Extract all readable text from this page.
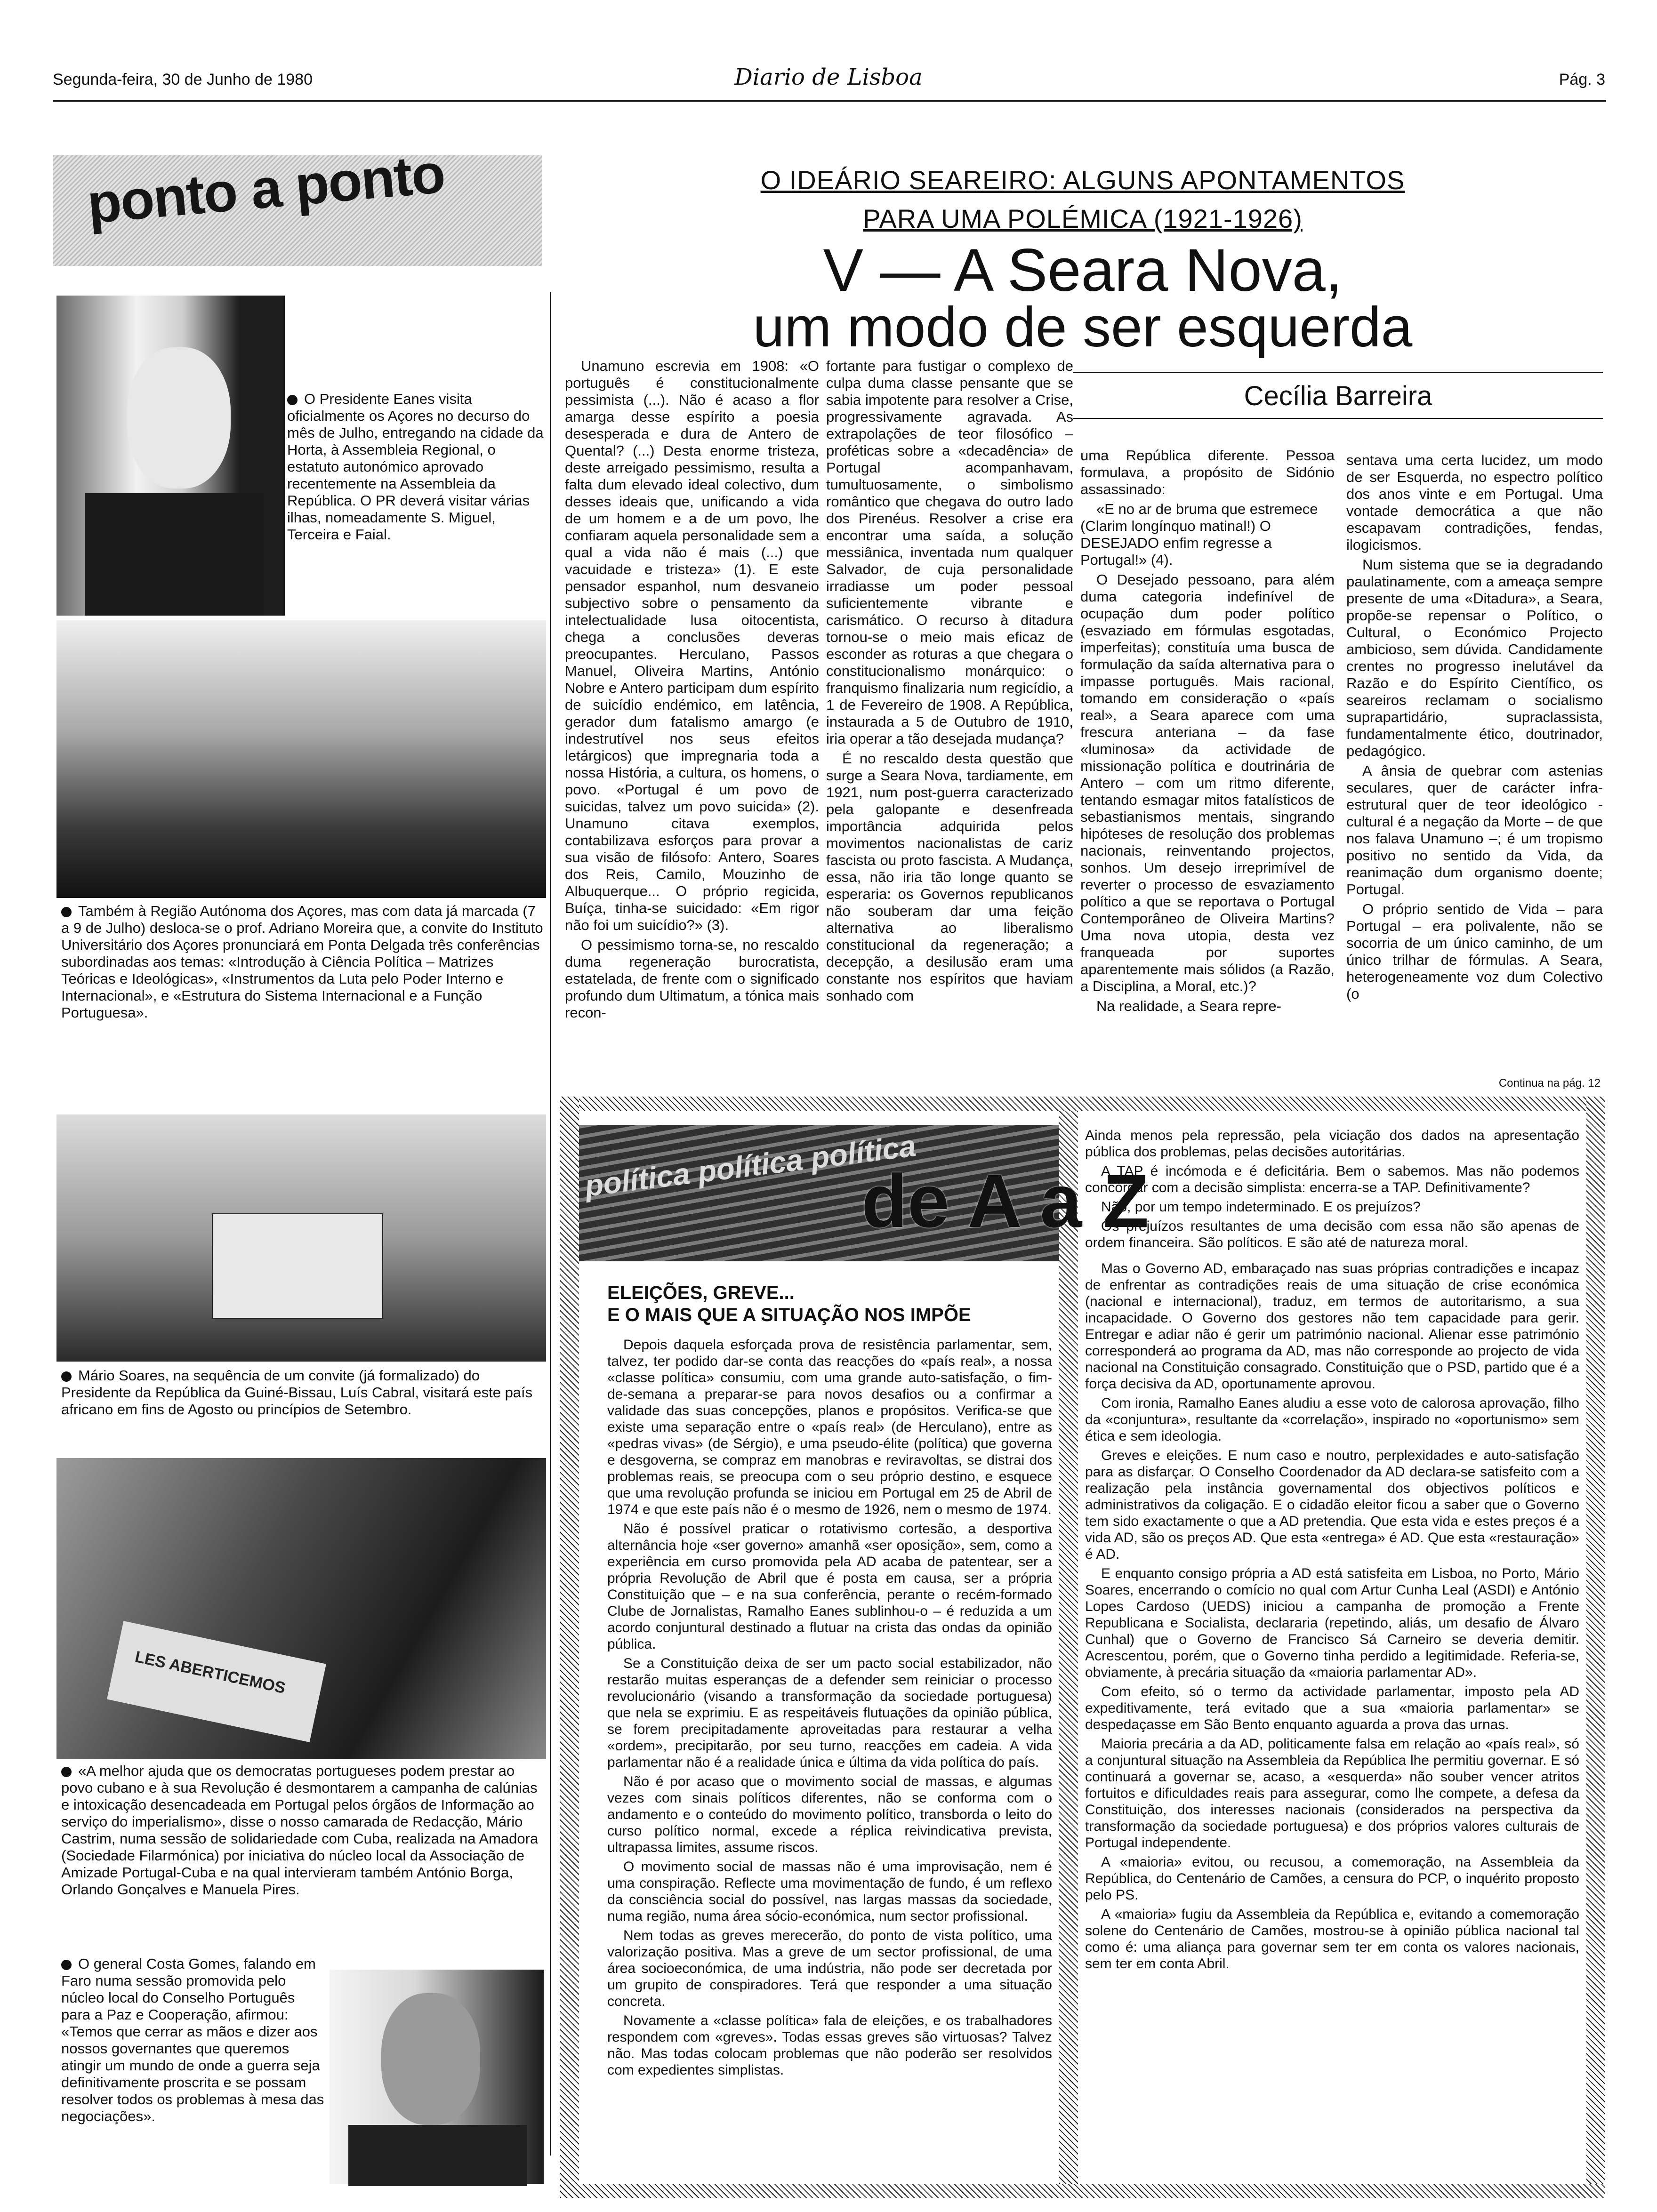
Segunda-feira, 30 de Junho de 1980	Diario de Lisboa	Pág. 3
ponto a ponto
O Presidente Eanes visita oficialmente os Açores no decurso do mês de Julho, entregando na cidade da Horta, à Assembleia Regional, o estatuto autonómico aprovado recentemente na Assembleia da República. O PR deverá visitar várias ilhas, nomeadamente S. Miguel, Terceira e Faial.
Também à Região Autónoma dos Açores, mas com data já marcada (7 a 9 de Julho) desloca-se o prof. Adriano Moreira que, a convite do Instituto Universitário dos Açores pronunciará em Ponta Delgada três conferências subordinadas aos temas: «Introdução à Ciência Política – Matrizes Teóricas e Ideológicas», «Instrumentos da Luta pelo Poder Interno e Internacional», e «Estrutura do Sistema Internacional e a Função Portuguesa».
Mário Soares, na sequência de um convite (já formalizado) do Presidente da República da Guiné-Bissau, Luís Cabral, visitará este país africano em fins de Agosto ou princípios de Setembro.
LES ABERTICEMOS
«A melhor ajuda que os democratas portugueses podem prestar ao povo cubano e à sua Revolução é desmontarem a campanha de calúnias e intoxicação desencadeada em Portugal pelos órgãos de Informação ao serviço do imperialismo», disse o nosso camarada de Redacção, Mário Castrim, numa sessão de solidariedade com Cuba, realizada na Amadora (Sociedade Filarmónica) por iniciativa do núcleo local da Associação de Amizade Portugal-Cuba e na qual intervieram também António Borga, Orlando Gonçalves e Manuela Pires.
O general Costa Gomes, falando em Faro numa sessão promovida pelo núcleo local do Conselho Português para a Paz e Cooperação, afirmou: «Temos que cerrar as mãos e dizer aos nossos governantes que queremos atingir um mundo de onde a guerra seja definitivamente proscrita e se possam resolver todos os problemas à mesa das negociações».
O IDEÁRIO SEAREIRO: ALGUNS APONTAMENTOS
PARA UMA POLÉMICA (1921-1926)
V — A Seara Nova,
um modo de ser esquerda
Cecília Barreira

Unamuno escrevia em 1908: «O português é constitucionalmente pessimista (...). Não é acaso a flor amarga desse espírito a poesia desesperada e dura de Antero de Quental? (...) Desta enorme tristeza, deste arreigado pessimismo, resulta a falta dum elevado ideal colectivo, dum desses ideais que, unificando a vida de um homem e a de um povo, lhe confiaram aquela personalidade sem a qual a vida não é mais (...) que vacuidade e tristeza» (1). E este pensador espanhol, num desvaneio subjectivo sobre o pensamento da intelectualidade lusa oitocentista, chega a conclusões deveras preocupantes. Herculano, Passos Manuel, Oliveira Martins, António Nobre e Antero participam dum espírito de suicídio endémico, em latência, gerador dum fatalismo amargo (e indestrutível nos seus efeitos letárgicos) que impregnaria toda a nossa História, a cultura, os homens, o povo. «Portugal é um povo de suicidas, talvez um povo suicida» (2). Unamuno citava exemplos, contabilizava esforços para provar a sua visão de filósofo: Antero, Soares dos Reis, Camilo, Mouzinho de Albuquerque... O próprio regicida, Buíça, tinha-se suicidado: «Em rigor não foi um suicídio?» (3).

O pessimismo torna-se, no rescaldo duma regeneração burocratista, estatelada, de frente com o significado profundo dum Ultimatum, a tónica mais recon-

fortante para fustigar o complexo de culpa duma classe pensante que se sabia impotente para resolver a Crise, progressivamente agravada. As extrapolações de teor filosófico – proféticas sobre a «decadência» de Portugal acompanhavam, tumultuosamente, o simbolismo romântico que chegava do outro lado dos Pirenéus. Resolver a crise era encontrar uma saída, a solução messiânica, inventada num qualquer Salvador, de cuja personalidade irradiasse um poder pessoal suficientemente vibrante e carismático. O recurso à ditadura tornou-se o meio mais eficaz de esconder as roturas a que chegara o constitucionalismo monárquico: o franquismo finalizaria num regicídio, a 1 de Fevereiro de 1908. A República, instaurada a 5 de Outubro de 1910, iria operar a tão desejada mudança?

É no rescaldo desta questão que surge a Seara Nova, tardiamente, em 1921, num post-guerra caracterizado pela galopante e desenfreada importância adquirida pelos movimentos nacionalistas de cariz fascista ou proto fascista. A Mudança, essa, não iria tão longe quanto se esperaria: os Governos republicanos não souberam dar uma feição alternativa ao liberalismo constitucional da regeneração; a decepção, a desilusão eram uma constante nos espíritos que haviam sonhado com

uma República diferente. Pessoa formulava, a propósito de Sidónio assassinado:

«E no ar de bruma que estremece (Clarim longínquo matinal!) O DESEJADO enfim regresse a Portugal!» (4).

O Desejado pessoano, para além duma categoria indefinível de ocupação dum poder político (esvaziado em fórmulas esgotadas, imperfeitas); constituía uma busca de formulação da saída alternativa para o impasse português. Mais racional, tomando em consideração o «país real», a Seara aparece com uma frescura anteriana – da fase «luminosa» da actividade de missionação política e doutrinária de Antero – com um ritmo diferente, tentando esmagar mitos fatalísticos de sebastianismos mentais, singrando hipóteses de resolução dos problemas nacionais, reinventando projectos, sonhos. Um desejo irreprimível de reverter o processo de esvaziamento político a que se reportava o Portugal Contemporâneo de Oliveira Martins? Uma nova utopia, desta vez franqueada por suportes aparentemente mais sólidos (a Razão, a Disciplina, a Moral, etc.)?

Na realidade, a Seara repre-

sentava uma certa lucidez, um modo de ser Esquerda, no espectro político dos anos vinte e em Portugal. Uma vontade democrática a que não escapavam contradições, fendas, ilogicismos.

Num sistema que se ia degradando paulatinamente, com a ameaça sempre presente de uma «Ditadura», a Seara, propõe-se repensar o Político, o Cultural, o Económico Projecto ambicioso, sem dúvida. Candidamente crentes no progresso inelutável da Razão e do Espírito Científico, os seareiros reclamam o socialismo suprapartidário, supraclassista, fundamentalmente ético, doutrinador, pedagógico.

A ânsia de quebrar com astenias seculares, quer de carácter infra-estrutural quer de teor ideológico - cultural é a negação da Morte – de que nos falava Unamuno –; é um tropismo positivo no sentido da Vida, da reanimação dum organismo doente; Portugal.

O próprio sentido de Vida – para Portugal – era polivalente, não se socorria de um único caminho, de um único trilhar de fórmulas. A Seara, heterogeneamente voz dum Colectivo (o

Continua na pág. 12
política política política
de A a Z
ELEIÇÕES, GREVE...
E O MAIS QUE A SITUAÇÃO NOS IMPÕE

Depois daquela esforçada prova de resistência parlamentar, sem, talvez, ter podido dar-se conta das reacções do «país real», a nossa «classe política» consumiu, com uma grande auto-satisfação, o fim-de-semana a preparar-se para novos desafios ou a confirmar a validade das suas concepções, planos e propósitos. Verifica-se que existe uma separação entre o «país real» (de Herculano), entre as «pedras vivas» (de Sérgio), e uma pseudo-élite (política) que governa e desgoverna, se compraz em manobras e reviravoltas, se distrai dos problemas reais, se preocupa com o seu próprio destino, e esquece que uma revolução profunda se iniciou em Portugal em 25 de Abril de 1974 e que este país não é o mesmo de 1926, nem o mesmo de 1974.

Não é possível praticar o rotativismo cortesão, a desportiva alternância hoje «ser governo» amanhã «ser oposição», sem, como a experiência em curso promovida pela AD acaba de patentear, ser a própria Revolução de Abril que é posta em causa, ser a própria Constituição que – e na sua conferência, perante o recém-formado Clube de Jornalistas, Ramalho Eanes sublinhou-o – é reduzida a um acordo conjuntural destinado a flutuar na crista das ondas da opinião pública.

Se a Constituição deixa de ser um pacto social estabilizador, não restarão muitas esperanças de a defender sem reiniciar o processo revolucionário (visando a transformação da sociedade portuguesa) que nela se exprimiu. E as respeitáveis flutuações da opinião pública, se forem precipitadamente aproveitadas para restaurar a velha «ordem», precipitarão, por seu turno, reacções em cadeia. A vida parlamentar não é a realidade única e última da vida política do país.

Não é por acaso que o movimento social de massas, e algumas vezes com sinais políticos diferentes, não se conforma com o andamento e o conteúdo do movimento político, transborda o leito do curso político normal, excede a réplica reivindicativa prevista, ultrapassa limites, assume riscos.

O movimento social de massas não é uma improvisação, nem é uma conspiração. Reflecte uma movimentação de fundo, é um reflexo da consciência social do possível, nas largas massas da sociedade, numa região, numa área sócio-económica, num sector profissional.

Nem todas as greves merecerão, do ponto de vista político, uma valorização positiva. Mas a greve de um sector profissional, de uma área socioeconómica, de uma indústria, não pode ser decretada por um grupito de conspiradores. Terá que responder a uma situação concreta.

Novamente a «classe política» fala de eleições, e os trabalhadores respondem com «greves». Todas essas greves são virtuosas? Talvez não. Mas todas colocam problemas que não poderão ser resolvidos com expedientes simplistas.

Ainda menos pela repressão, pela viciação dos dados na apresentação pública dos problemas, pelas decisões autoritárias.

A TAP é incómoda e é deficitária. Bem o sabemos. Mas não podemos concordar com a decisão simplista: encerra-se a TAP. Definitivamente?

Não, por um tempo indeterminado. E os prejuízos?

Os prejuízos resultantes de uma decisão com essa não são apenas de ordem financeira. São políticos. E são até de natureza moral.

Mas o Governo AD, embaraçado nas suas próprias contradições e incapaz de enfrentar as contradições reais de uma situação de crise económica (nacional e internacional), traduz, em termos de autoritarismo, a sua incapacidade. O Governo dos gestores não tem capacidade para gerir. Entregar e adiar não é gerir um património nacional. Alienar esse património corresponderá ao programa da AD, mas não corresponde ao projecto de vida nacional na Constituição consagrado. Constituição que o PSD, partido que é a força decisiva da AD, oportunamente aprovou.

Com ironia, Ramalho Eanes aludiu a esse voto de calorosa aprovação, filho da «conjuntura», resultante da «correlação», inspirado no «oportunismo» sem ética e sem ideologia.

Greves e eleições. E num caso e noutro, perplexidades e auto-satisfação para as disfarçar. O Conselho Coordenador da AD declara-se satisfeito com a realização pela instância governamental dos objectivos políticos e administrativos da coligação. E o cidadão eleitor ficou a saber que o Governo tem sido exactamente o que a AD pretendia. Que esta vida e estes preços é a vida AD, são os preços AD. Que esta «entrega» é AD. Que esta «restauração» é AD.

E enquanto consigo própria a AD está satisfeita em Lisboa, no Porto, Mário Soares, encerrando o comício no qual com Artur Cunha Leal (ASDI) e António Lopes Cardoso (UEDS) iniciou a campanha de promoção a Frente Republicana e Socialista, declararia (repetindo, aliás, um desafio de Álvaro Cunhal) que o Governo de Francisco Sá Carneiro se deveria demitir. Acrescentou, porém, que o Governo tinha perdido a legitimidade. Referia-se, obviamente, à precária situação da «maioria parlamentar AD».

Com efeito, só o termo da actividade parlamentar, imposto pela AD expeditivamente, terá evitado que a sua «maioria parlamentar» se despedaçasse em São Bento enquanto aguarda a prova das urnas.

Maioria precária a da AD, politicamente falsa em relação ao «país real», só a conjuntural situação na Assembleia da República lhe permitiu governar. E só continuará a governar se, acaso, a «esquerda» não souber vencer atritos fortuitos e dificuldades reais para assegurar, como lhe compete, a defesa da Constituição, dos interesses nacionais (considerados na perspectiva da transformação da sociedade portuguesa) e dos próprios valores culturais de Portugal independente.

A «maioria» evitou, ou recusou, a comemoração, na Assembleia da República, do Centenário de Camões, a censura do PCP, o inquérito proposto pelo PS.

A «maioria» fugiu da Assembleia da República e, evitando a comemoração solene do Centenário de Camões, mostrou-se à opinião pública nacional tal como é: uma aliança para governar sem ter em conta os valores nacionais, sem ter em conta Abril.
